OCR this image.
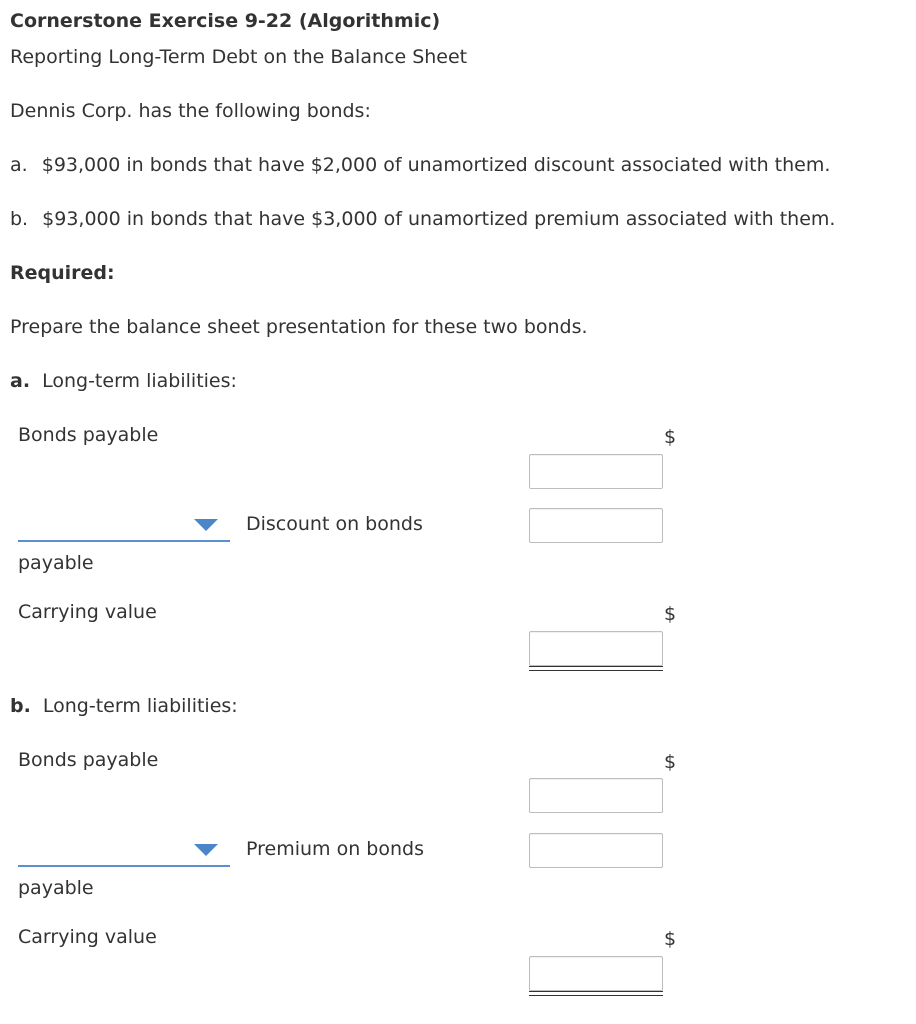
Cornerstone Exercise 9-22 (Algorithmic)
Reporting Long-Term Debt on the Balance Sheet
Dennis Corp. has the following bonds:
a. $93,000 in bonds that have $2,000 of unamortized discount associated with them.
b. $93,000 in bonds that have $3,000 of unamortized premium associated with them.
Required:
Prepare the balance sheet presentation for these two bonds.
a. Long-term liabilities:
Bonds payable	$
Discount on bonds
payable
Carrying value	$
b. Long-term liabilities:
Bonds payable	$
Premium on bonds
payable
Carrying value	$
